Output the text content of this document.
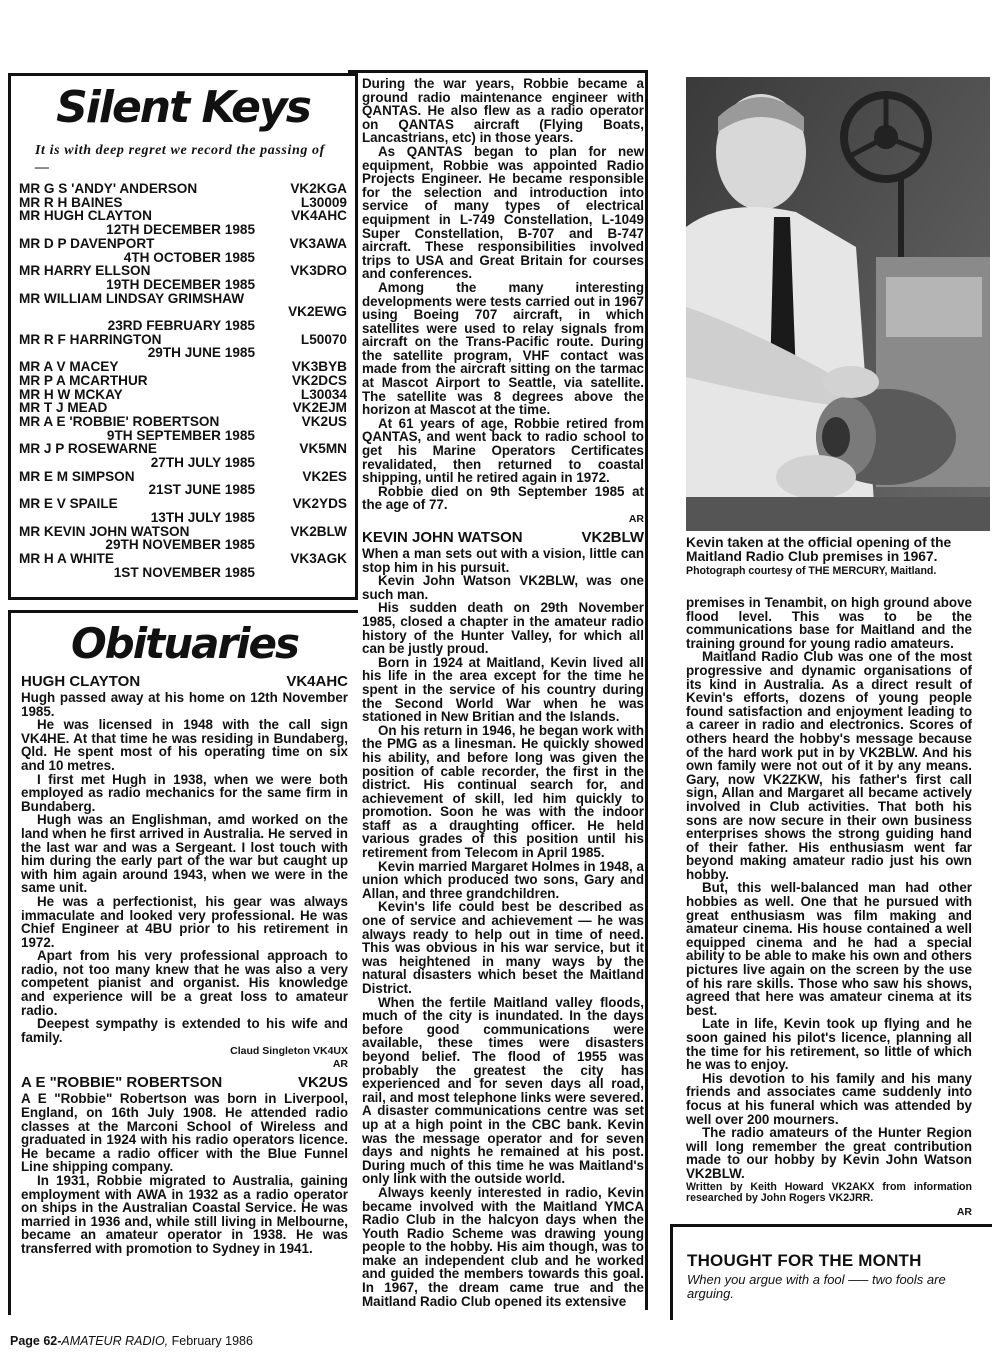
Silent Keys
It is with deep regret we record the passing of —
MR G S 'ANDY' ANDERSON	VK2KGA
MR R H BAINES	L30009
MR HUGH CLAYTON	VK4AHC
12TH DECEMBER 1985
MR D P DAVENPORT	VK3AWA
4TH OCTOBER 1985
MR HARRY ELLSON	VK3DRO
19TH DECEMBER 1985
MR WILLIAM LINDSAY GRIMSHAW
VK2EWG
23RD FEBRUARY 1985
MR R F HARRINGTON	L50070
29TH JUNE 1985
MR A V MACEY	VK3BYB
MR P A MCARTHUR	VK2DCS
MR H W MCKAY	L30034
MR T J MEAD	VK2EJM
MR A E 'ROBBIE' ROBERTSON	VK2US
9TH SEPTEMBER 1985
MR J P ROSEWARNE	VK5MN
27TH JULY 1985
MR E M SIMPSON	VK2ES
21ST JUNE 1985
MR E V SPAILE	VK2YDS
13TH JULY 1985
MR KEVIN JOHN WATSON	VK2BLW
29TH NOVEMBER 1985
MR H A WHITE	VK3AGK
1ST NOVEMBER 1985
Obituaries
HUGH CLAYTON	VK4AHC

Hugh passed away at his home on 12th November 1985.

He was licensed in 1948 with the call sign VK4HE. At that time he was residing in Bundaberg, Qld. He spent most of his operating time on six and 10 metres.

I first met Hugh in 1938, when we were both employed as radio mechanics for the same firm in Bundaberg.

Hugh was an Englishman, amd worked on the land when he first arrived in Australia. He served in the last war and was a Sergeant. I lost touch with him during the early part of the war but caught up with him again around 1943, when we were in the same unit.

He was a perfectionist, his gear was always immaculate and looked very professional. He was Chief Engineer at 4BU prior to his retirement in 1972.

Apart from his very professional approach to radio, not too many knew that he was also a very competent pianist and organist. His knowledge and experience will be a great loss to amateur radio.

Deepest sympathy is extended to his wife and family.

Claud Singleton VK4UX
AR
A E "ROBBIE" ROBERTSON	VK2US

A E "Robbie" Robertson was born in Liverpool, England, on 16th July 1908. He attended radio classes at the Marconi School of Wireless and graduated in 1924 with his radio operators licence. He became a radio officer with the Blue Funnel Line shipping company.

In 1931, Robbie migrated to Australia, gaining employment with AWA in 1932 as a radio operator on ships in the Australian Coastal Service. He was married in 1936 and, while still living in Melbourne, became an amateur operator in 1938. He was transferred with promotion to Sydney in 1941.

During the war years, Robbie became a ground radio maintenance engineer with QANTAS. He also flew as a radio operator on QANTAS aircraft (Flying Boats, Lancastrians, etc) in those years.

As QANTAS began to plan for new equipment, Robbie was appointed Radio Projects Engineer. He became responsible for the selection and introduction into service of many types of electrical equipment in L-749 Constellation, L-1049 Super Constellation, B-707 and B-747 aircraft. These responsibilities involved trips to USA and Great Britain for courses and conferences.

Among the many interesting developments were tests carried out in 1967 using Boeing 707 aircraft, in which satellites were used to relay signals from aircraft on the Trans-Pacific route. During the satellite program, VHF contact was made from the aircraft sitting on the tarmac at Mascot Airport to Seattle, via satellite. The satellite was 8 degrees above the horizon at Mascot at the time.

At 61 years of age, Robbie retired from QANTAS, and went back to radio school to get his Marine Operators Certificates revalidated, then returned to coastal shipping, until he retired again in 1972.

Robbie died on 9th September 1985 at the age of 77.

AR
KEVIN JOHN WATSON	VK2BLW

When a man sets out with a vision, little can stop him in his pursuit.

Kevin John Watson VK2BLW, was one such man.

His sudden death on 29th November 1985, closed a chapter in the amateur radio history of the Hunter Valley, for which all can be justly proud.

Born in 1924 at Maitland, Kevin lived all his life in the area except for the time he spent in the service of his country during the Second World War when he was stationed in New Britian and the Islands.

On his return in 1946, he began work with the PMG as a linesman. He quickly showed his ability, and before long was given the position of cable recorder, the first in the district. His continual search for, and achievement of skill, led him quickly to promotion. Soon he was with the indoor staff as a draughting officer. He held various grades of this position until his retirement from Telecom in April 1985.

Kevin married Margaret Holmes in 1948, a union which produced two sons, Gary and Allan, and three grandchildren.

Kevin's life could best be described as one of service and achievement — he was always ready to help out in time of need. This was obvious in his war service, but it was heightened in many ways by the natural disasters which beset the Maitland District.

When the fertile Maitland valley floods, much of the city is inundated. In the days before good communications were available, these times were disasters beyond belief. The flood of 1955 was probably the greatest the city has experienced and for seven days all road, rail, and most telephone links were severed. A disaster communications centre was set up at a high point in the CBC bank. Kevin was the message operator and for seven days and nights he remained at his post. During much of this time he was Maitland's only link with the outside world.

Always keenly interested in radio, Kevin became involved with the Maitland YMCA Radio Club in the halcyon days when the Youth Radio Scheme was drawing young people to the hobby. His aim though, was to make an independent club and he worked and guided the members towards this goal. In 1967, the dream came true and the Maitland Radio Club opened its extensive

Kevin taken at the official opening of the Maitland Radio Club premises in 1967.

Photograph courtesy of THE MERCURY, Maitland.

premises in Tenambit, on high ground above flood level. This was to be the communications base for Maitland and the training ground for young radio amateurs.

Maitland Radio Club was one of the most progressive and dynamic organisations of its kind in Australia. As a direct result of Kevin's efforts, dozens of young people found satisfaction and enjoyment leading to a career in radio and electronics. Scores of others heard the hobby's message because of the hard work put in by VK2BLW. And his own family were not out of it by any means. Gary, now VK2ZKW, his father's first call sign, Allan and Margaret all became actively involved in Club activities. That both his sons are now secure in their own business enterprises shows the strong guiding hand of their father. His enthusiasm went far beyond making amateur radio just his own hobby.

But, this well-balanced man had other hobbies as well. One that he pursued with great enthusiasm was film making and amateur cinema. His house contained a well equipped cinema and he had a special ability to be able to make his own and others pictures live again on the screen by the use of his rare skills. Those who saw his shows, agreed that here was amateur cinema at its best.

Late in life, Kevin took up flying and he soon gained his pilot's licence, planning all the time for his retirement, so little of which he was to enjoy.

His devotion to his family and his many friends and associates came suddenly into focus at his funeral which was attended by well over 200 mourners.

The radio amateurs of the Hunter Region will long remember the great contribution made to our hobby by Kevin John Watson VK2BLW.

Written by Keith Howard VK2AKX from information researched by John Rogers VK2JRR.

AR
THOUGHT FOR THE MONTH
When you argue with a fool —– two fools are arguing.
Page 62-AMATEUR RADIO, February 1986
